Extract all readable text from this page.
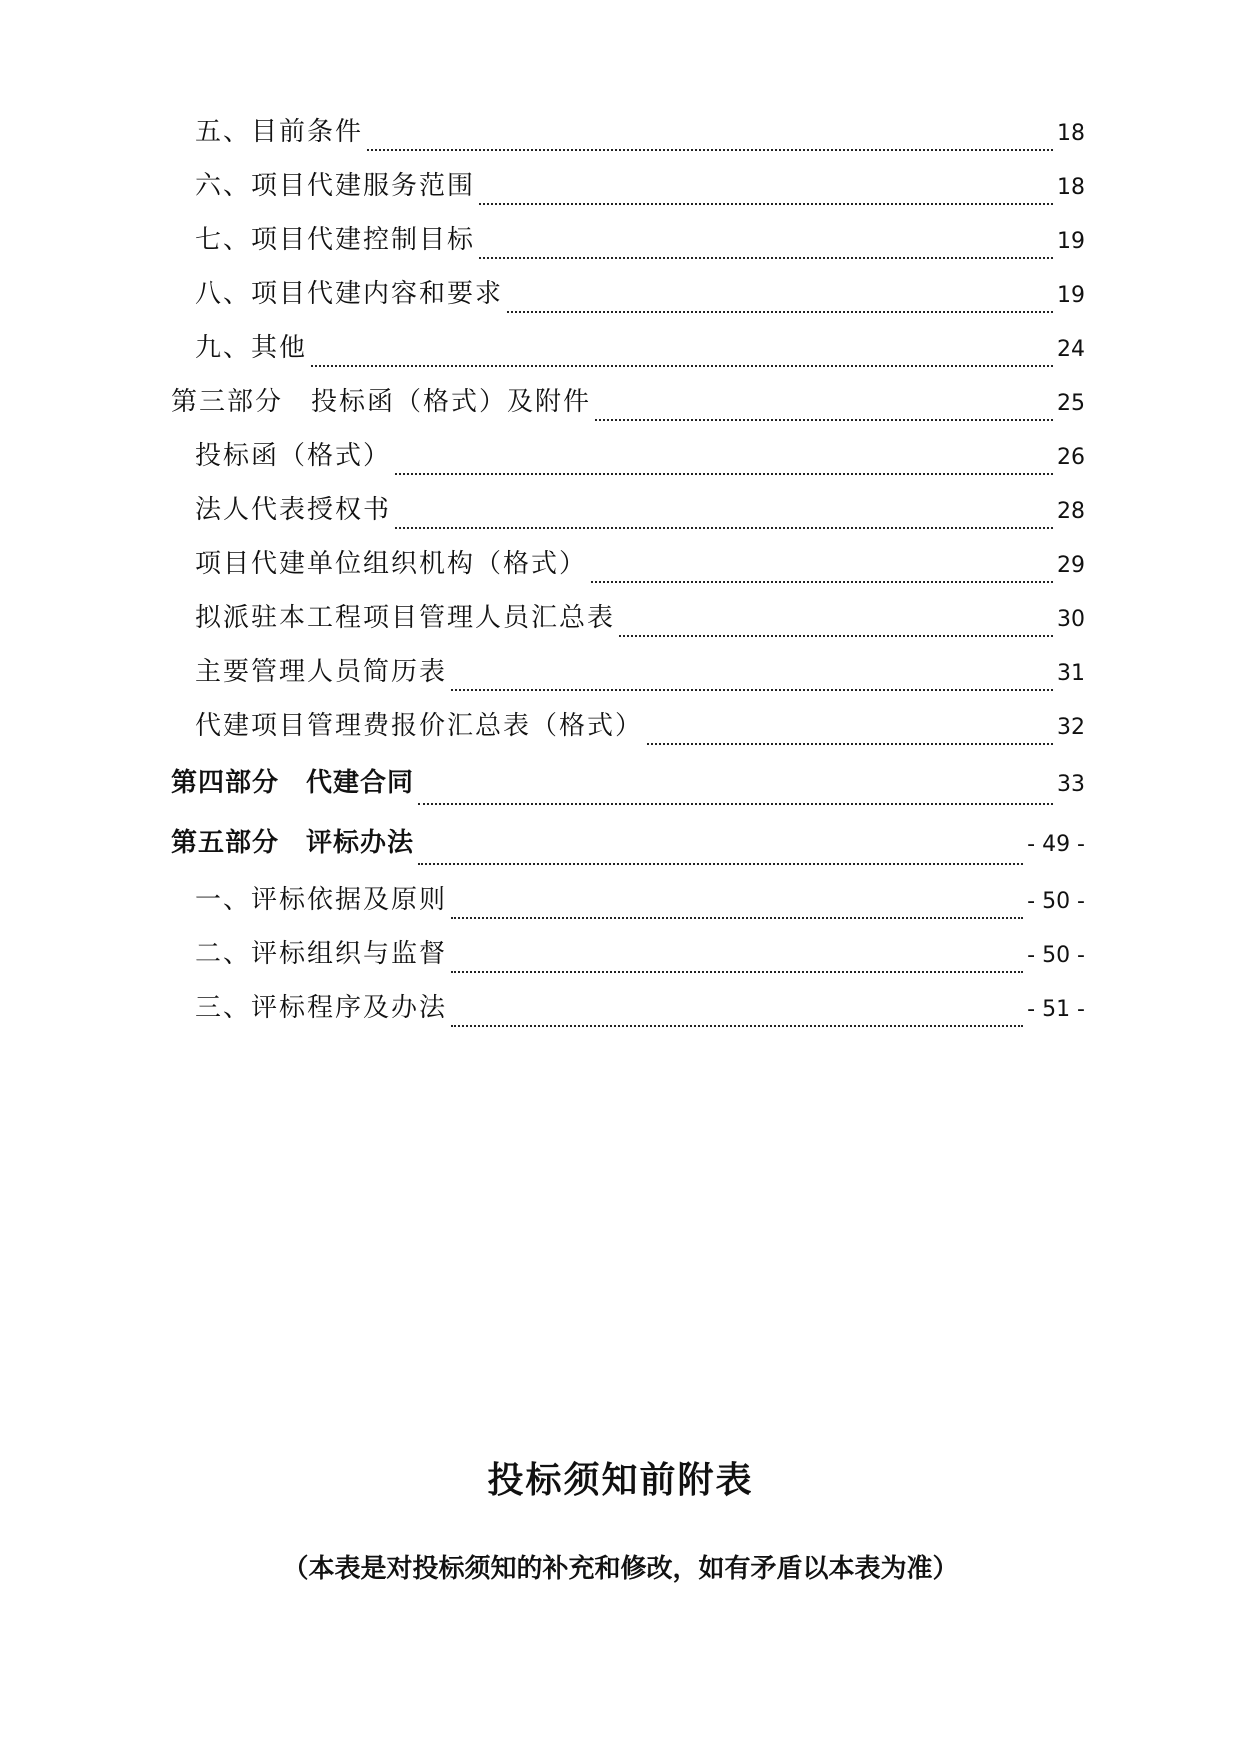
五、目前条件	18
六、项目代建服务范围	18
七、项目代建控制目标	19
八、项目代建内容和要求	19
九、其他	24
第三部分　投标函（格式）及附件	25
投标函（格式）	26
法人代表授权书	28
项目代建单位组织机构（格式）	29
拟派驻本工程项目管理人员汇总表	30
主要管理人员简历表	31
代建项目管理费报价汇总表（格式）	32
第四部分　代建合同	33
第五部分　评标办法	- 49 -
一、评标依据及原则	- 50 -
二、评标组织与监督	- 50 -
三、评标程序及办法	- 51 -
投标须知前附表
（本表是对投标须知的补充和修改，如有矛盾以本表为准）
